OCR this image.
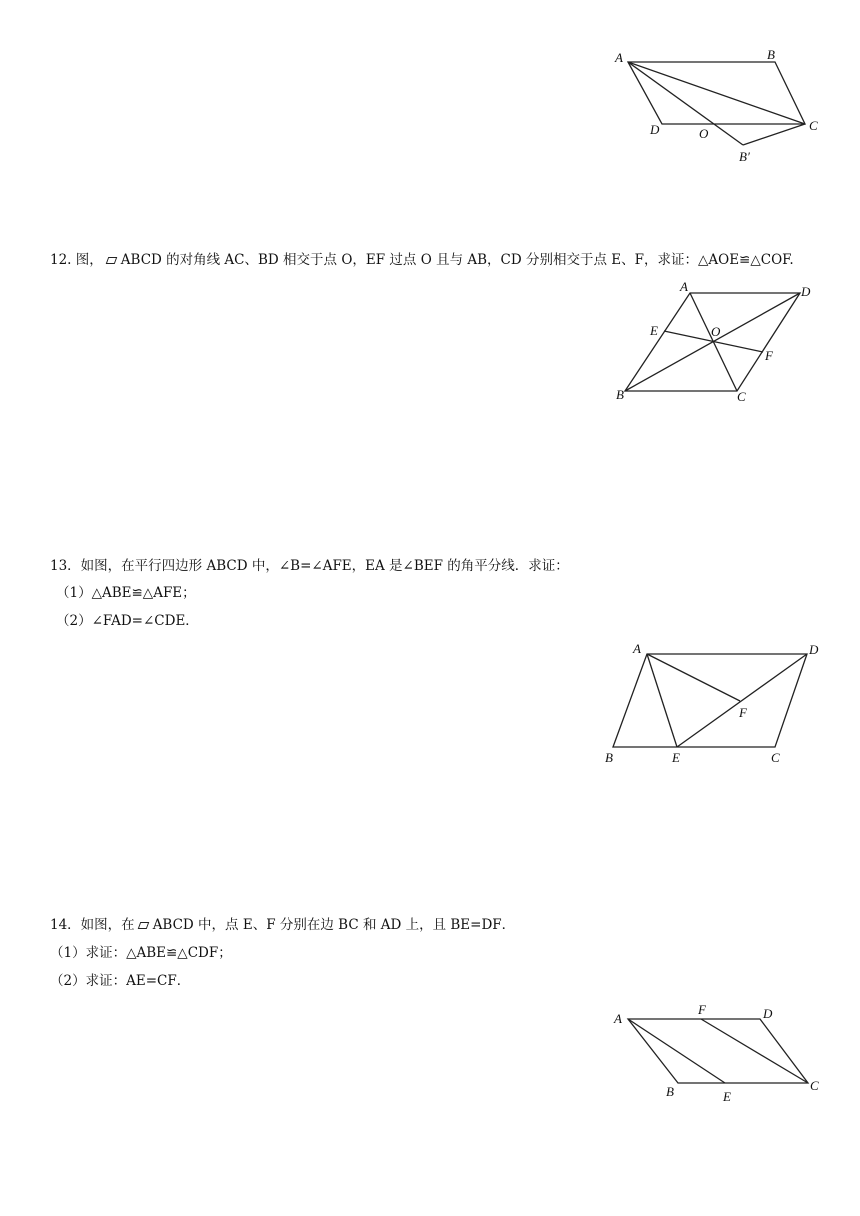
A	B
C
D	O
B′
12. 图， ABCD 的对角线 AC、BD 相交于点 O，EF 过点 O 且与 AB，CD 分别相交于点 E、F，求证：△AOE≌△COF.
A	D
E	O
F
B	C
13．如图，在平行四边形 ABCD 中，∠B=∠AFE，EA 是∠BEF 的角平分线．求证：
（1）△ABE≌△AFE；
（2）∠FAD=∠CDE．
A	D
F
B	E	C
14．如图，在 ABCD 中，点 E、F 分别在边 BC 和 AD 上，且 BE=DF．
（1）求证：△ABE≌△CDF；
（2）求证：AE=CF．
A
F	D
C
B	E
